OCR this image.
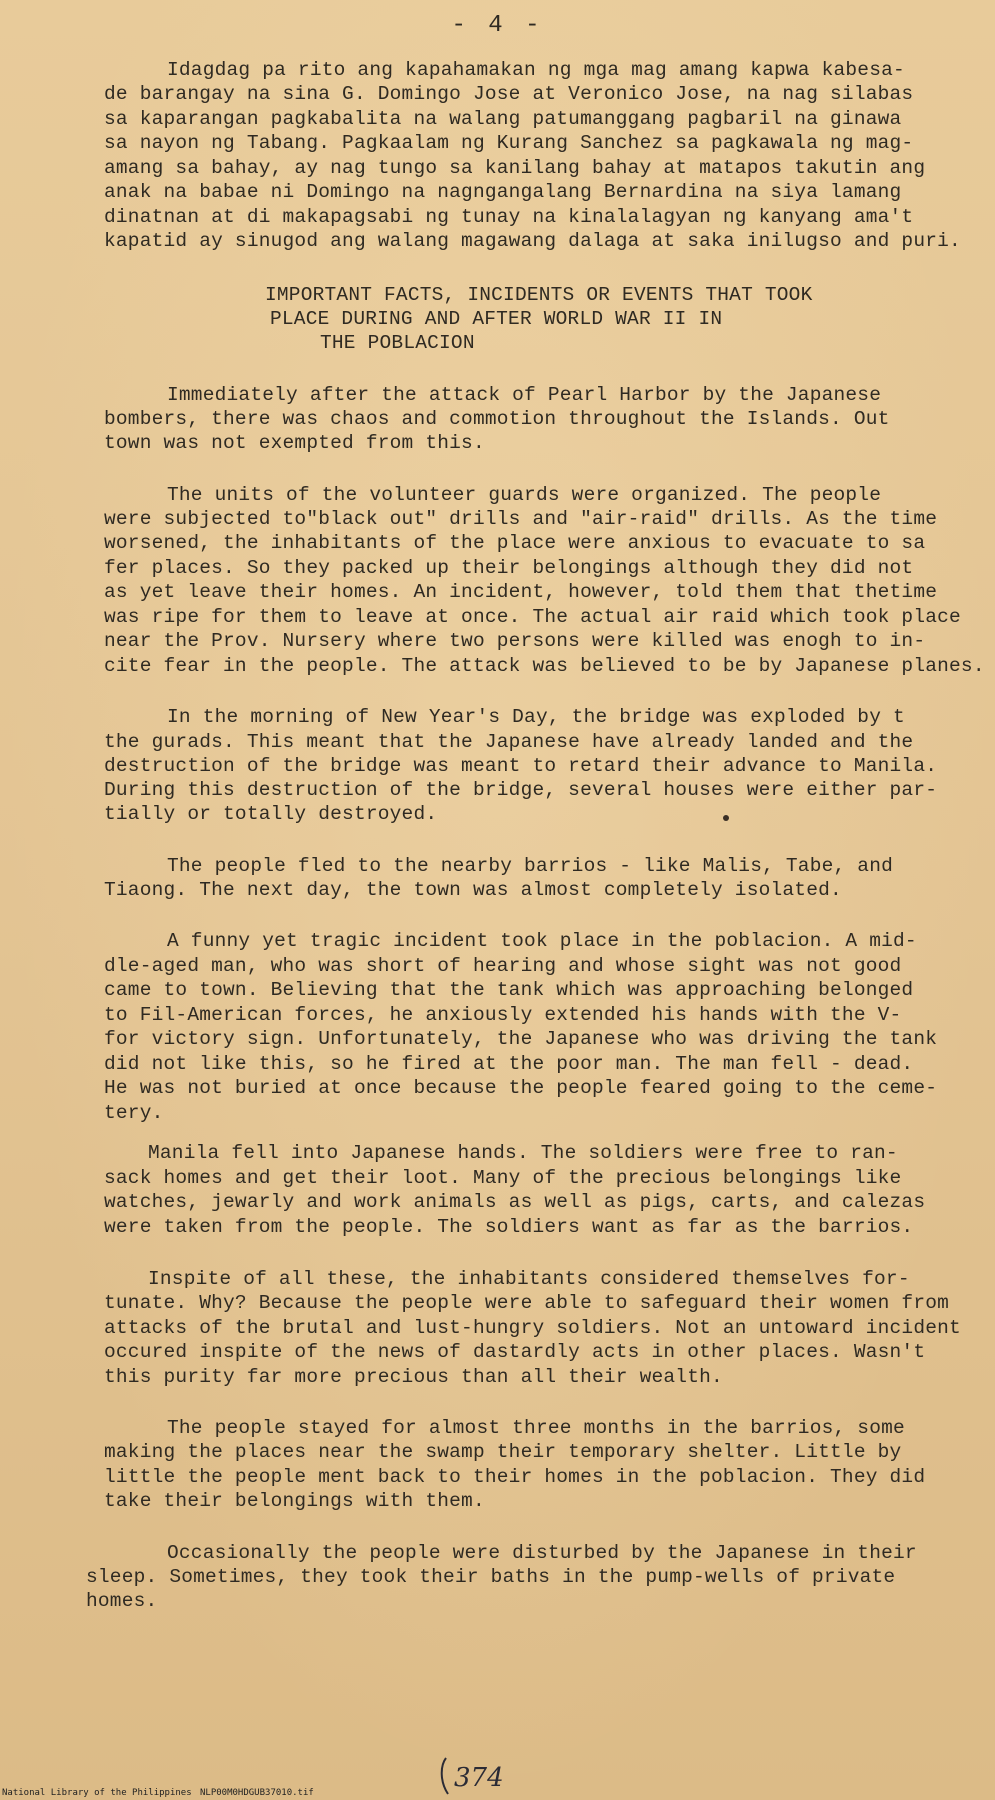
- 4 -
Idagdag pa rito ang kapahamakan ng mga mag amang kapwa kabesa-
de barangay na sina G. Domingo Jose at Veronico Jose, na nag silabas
sa kaparangan pagkabalita na walang patumanggang pagbaril na ginawa
sa nayon ng Tabang. Pagkaalam ng Kurang Sanchez sa pagkawala ng mag-
amang sa bahay, ay nag tungo sa kanilang bahay at matapos takutin ang
anak na babae ni Domingo na nagngangalang Bernardina na siya lamang
dinatnan at di makapagsabi ng tunay na kinalalagyan ng kanyang ama't
kapatid ay sinugod ang walang magawang dalaga at saka inilugso and puri.
IMPORTANT FACTS, INCIDENTS OR EVENTS THAT TOOK
PLACE DURING AND AFTER WORLD WAR II IN
THE POBLACION
Immediately after the attack of Pearl Harbor by the Japanese
bombers, there was chaos and commotion throughout the Islands. Out
town was not exempted from this.
The units of the volunteer guards were organized. The people
were subjected to"black out" drills and "air-raid" drills. As the time
worsened, the inhabitants of the place were anxious to evacuate to sa
fer places. So they packed up their belongings although they did not
as yet leave their homes. An incident, however, told them that thetime
was ripe for them to leave at once. The actual air raid which took place
near the Prov. Nursery where two persons were killed was enogh to in-
cite fear in the people. The attack was believed to be by Japanese planes.
In the morning of New Year's Day, the bridge was exploded by t
the gurads. This meant that the Japanese have already landed and the
destruction of the bridge was meant to retard their advance to Manila.
During this destruction of the bridge, several houses were either par-
tially or totally destroyed.
The people fled to the nearby barrios - like Malis, Tabe, and
Tiaong. The next day, the town was almost completely isolated.
A funny yet tragic incident took place in the poblacion. A mid-
dle-aged man, who was short of hearing and whose sight was not good
came to town. Believing that the tank which was approaching belonged
to Fil-American forces, he anxiously extended his hands with the V-
for victory sign. Unfortunately, the Japanese who was driving the tank
did not like this, so he fired at the poor man. The man fell - dead.
He was not buried at once because the people feared going to the ceme-
tery.
Manila fell into Japanese hands. The soldiers were free to ran-
sack homes and get their loot. Many of the precious belongings like
watches, jewarly and work animals as well as pigs, carts, and calezas
were taken from the people. The soldiers want as far as the barrios.
Inspite of all these, the inhabitants considered themselves for-
tunate. Why? Because the people were able to safeguard their women from
attacks of the brutal and lust-hungry soldiers. Not an untoward incident
occured inspite of the news of dastardly acts in other places. Wasn't
this purity far more precious than all their wealth.
The people stayed for almost three months in the barrios, some
making the places near the swamp their temporary shelter. Little by
little the people ment back to their homes in the poblacion. They did
take their belongings with them.
Occasionally the people were disturbed by the Japanese in their
sleep. Sometimes, they took their baths in the pump-wells of private
homes.
374
National Library of the Philippines NLP00M0HDGUB37010.tif
